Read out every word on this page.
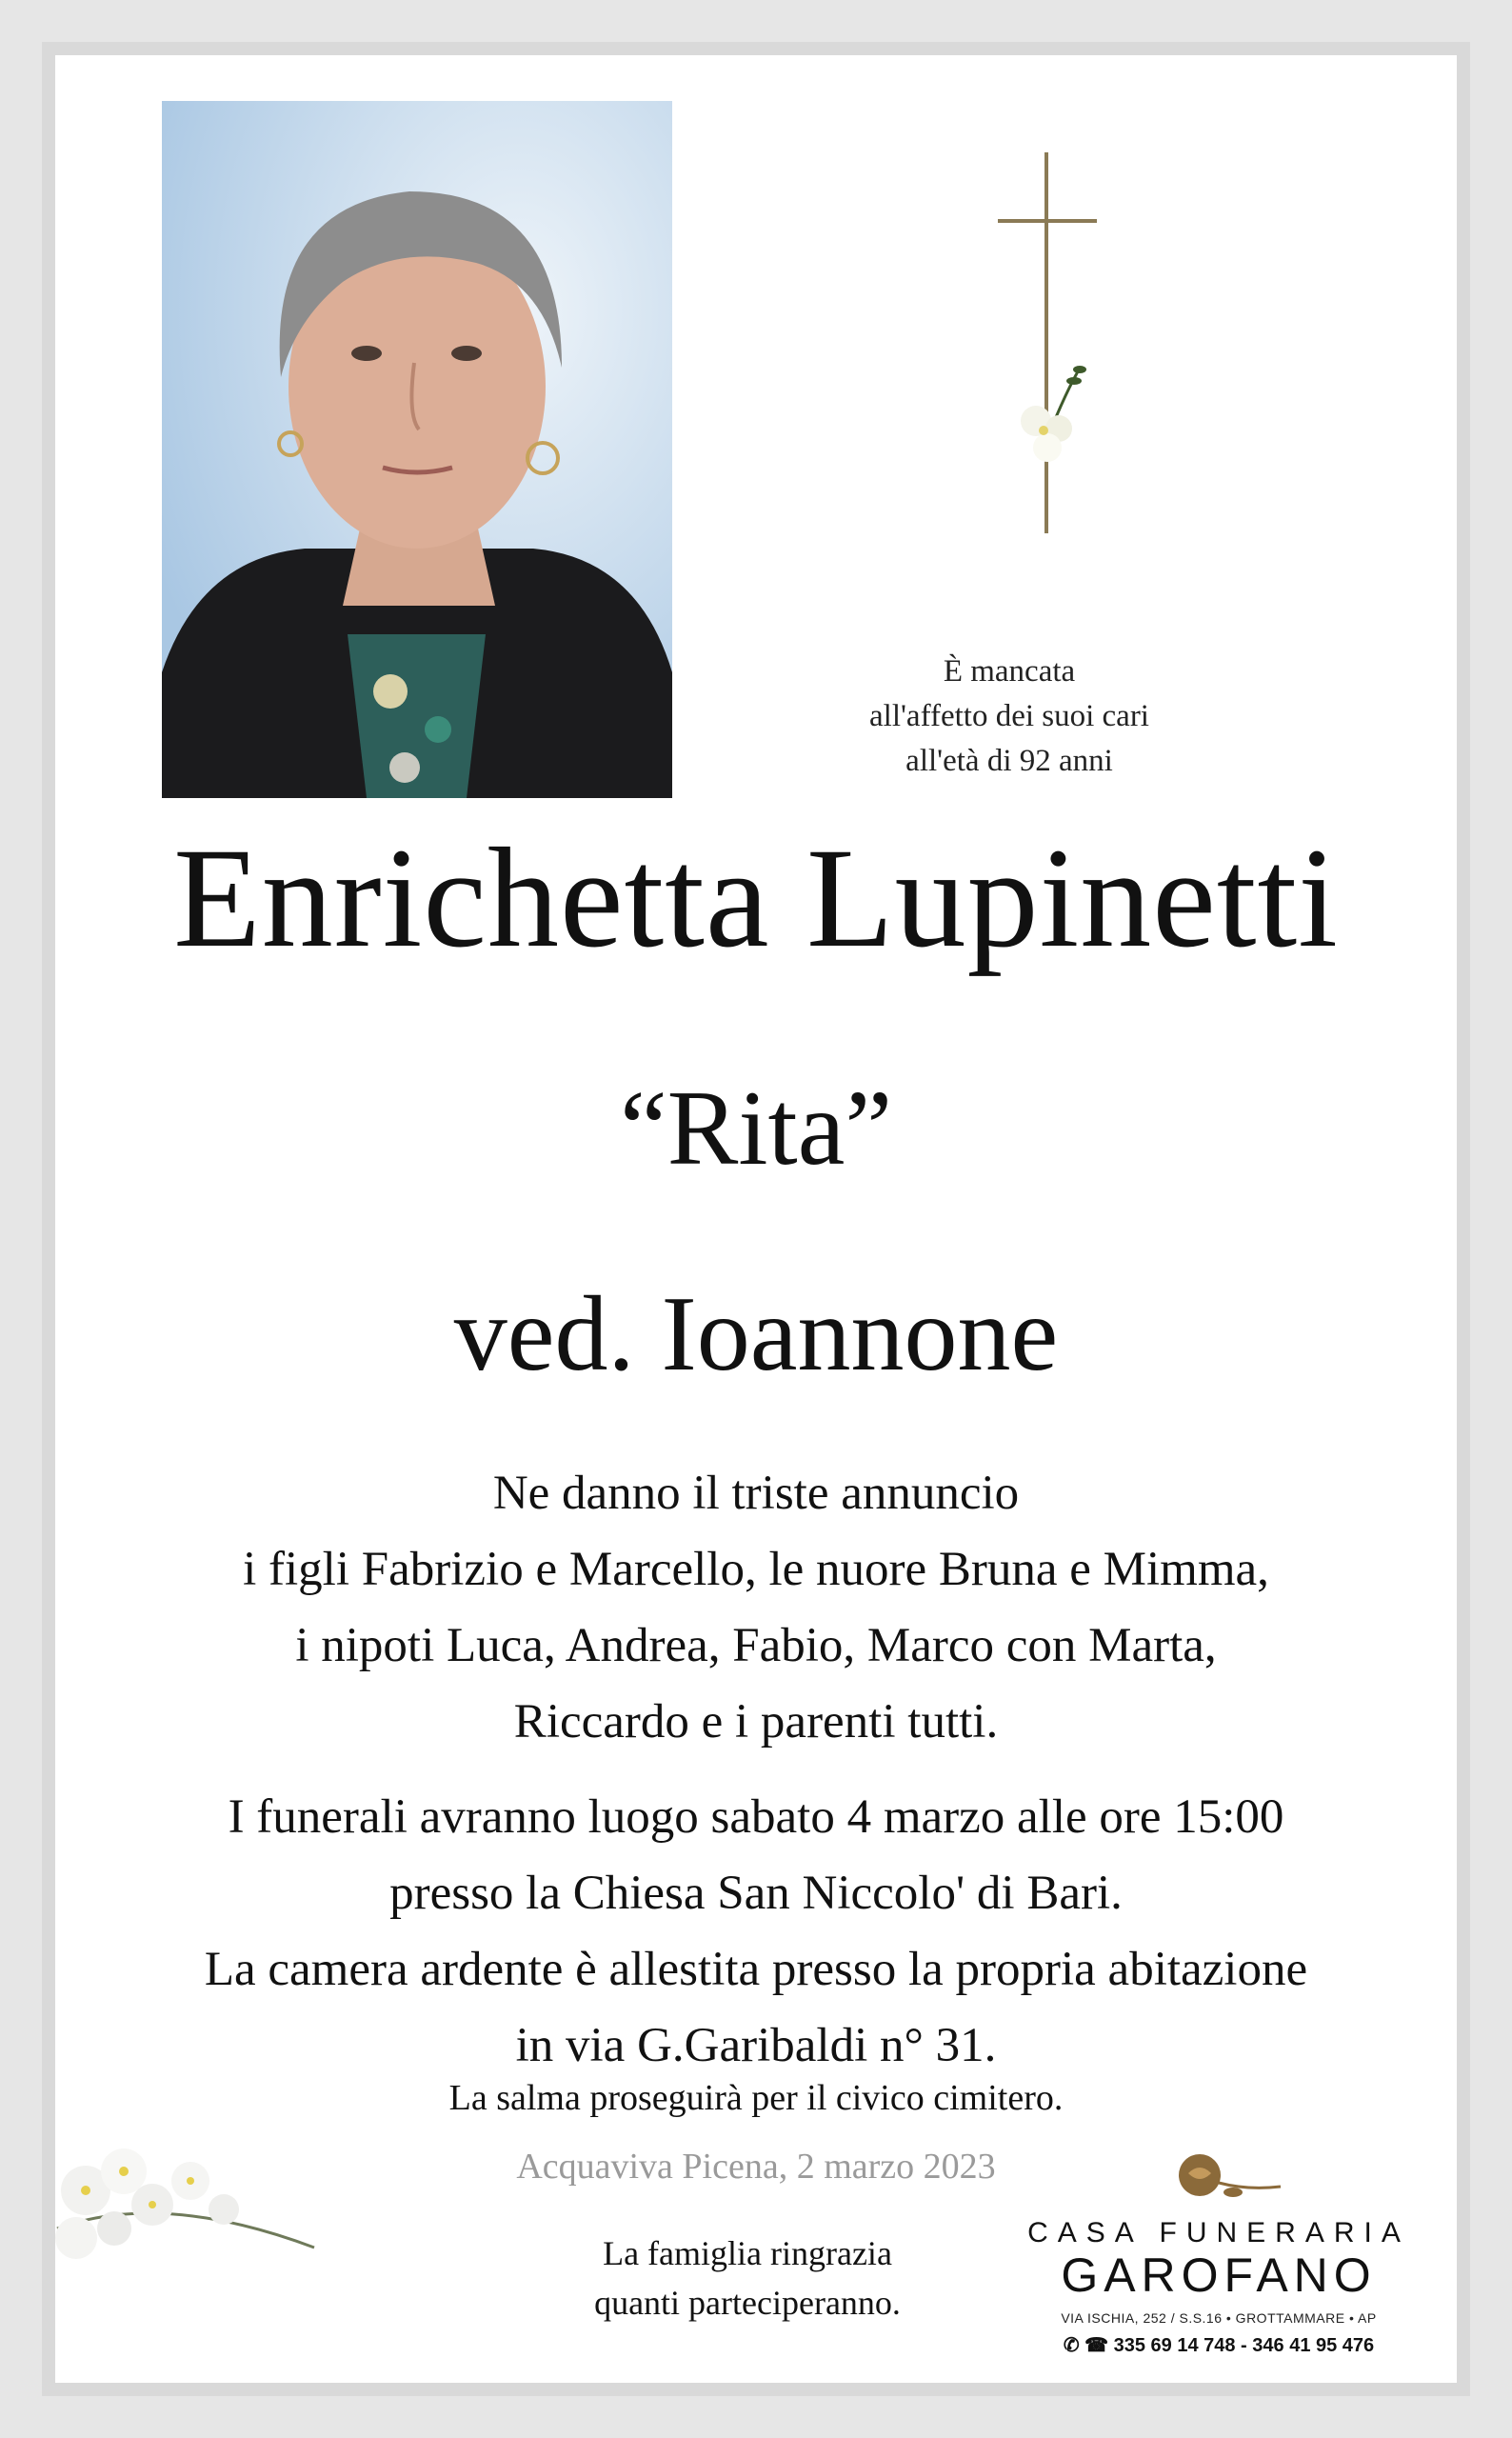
È mancata
all'affetto dei suoi cari
all'età di 92 anni
Enrichetta Lupinetti
“Rita”
ved. Ioannone
Ne danno il triste annuncio
i figli Fabrizio e Marcello, le nuore Bruna e Mimma,
i nipoti Luca, Andrea, Fabio, Marco con Marta,
Riccardo e i parenti tutti.
I funerali avranno luogo sabato 4 marzo alle ore 15:00
presso la Chiesa San Niccolo' di Bari.
La camera ardente è allestita presso la propria abitazione
in via G.Garibaldi n° 31.
La salma proseguirà per il civico cimitero.
Acquaviva Picena, 2 marzo 2023
La famiglia ringrazia
quanti parteciperanno.
CASA FUNERARIA
GAROFANO
VIA ISCHIA, 252 / S.S.16 • GROTTAMMARE • AP
✆ ☎ 335 69 14 748 - 346 41 95 476
